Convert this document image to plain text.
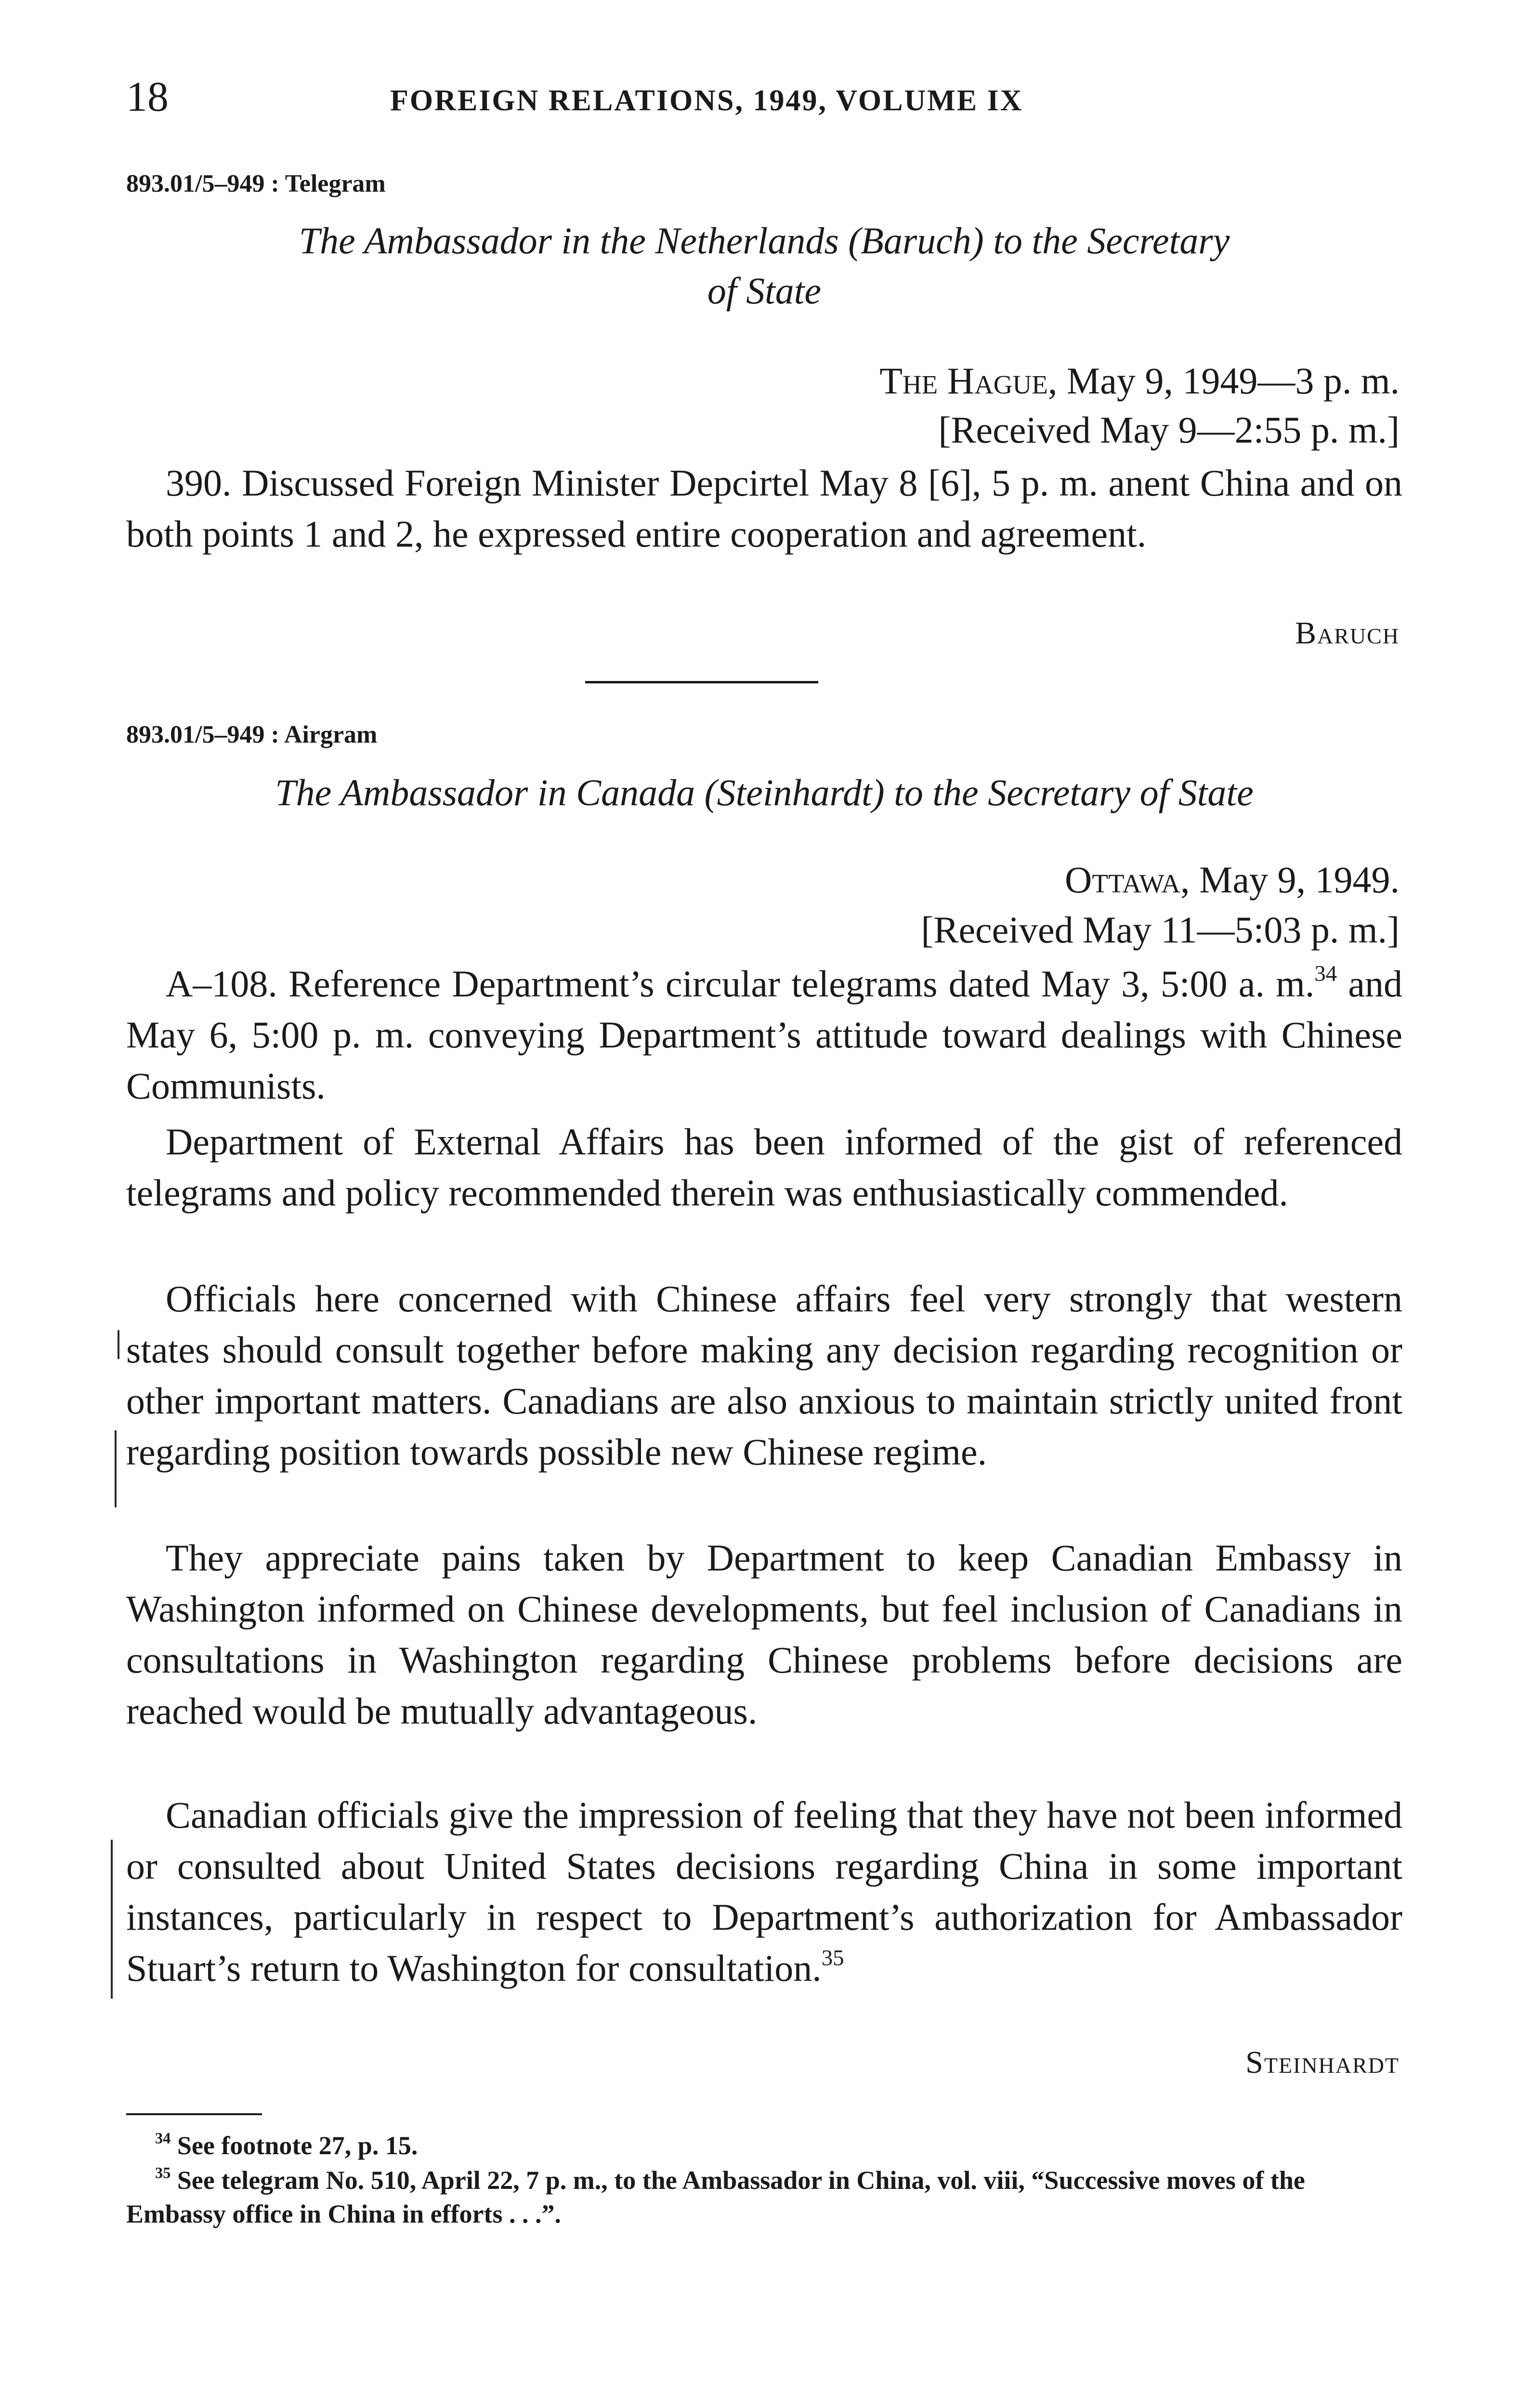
18	FOREIGN RELATIONS, 1949, VOLUME IX
893.01/5–949 : Telegram
The Ambassador in the Netherlands (Baruch) to the Secretary
of State
The Hague, May 9, 1949—3 p. m.
[Received May 9—2:55 p. m.]

390. Discussed Foreign Minister Depcirtel May 8 [6], 5 p. m. anent China and on both points 1 and 2, he expressed entire cooperation and agreement.

Baruch
893.01/5–949 : Airgram
The Ambassador in Canada (Steinhardt) to the Secretary of State
Ottawa, May 9, 1949.
[Received May 11—5:03 p. m.]

A–108. Reference Department’s circular telegrams dated May 3, 5:00 a. m.$^{34}$ and May 6, 5:00 p. m. conveying Department’s attitude toward dealings with Chinese Communists.

Department of External Affairs has been informed of the gist of referenced telegrams and policy recommended therein was enthusiastically commended.

Officials here concerned with Chinese affairs feel very strongly that western states should consult together before making any decision regarding recognition or other important matters. Canadians are also anxious to maintain strictly united front regarding position towards possible new Chinese regime.

They appreciate pains taken by Department to keep Canadian Embassy in Washington informed on Chinese developments, but feel inclusion of Canadians in consultations in Washington regarding Chinese problems before decisions are reached would be mutually advantageous.

Canadian officials give the impression of feeling that they have not been informed or consulted about United States decisions regarding China in some important instances, particularly in respect to Department’s authorization for Ambassador Stuart’s return to Washington for consultation.$^{35}$

Steinhardt

$^{34}$ See footnote 27, p. 15.

$^{35}$ See telegram No. 510, April 22, 7 p. m., to the Ambassador in China, vol. viii, “Successive moves of the Embassy office in China in efforts . . .”.
